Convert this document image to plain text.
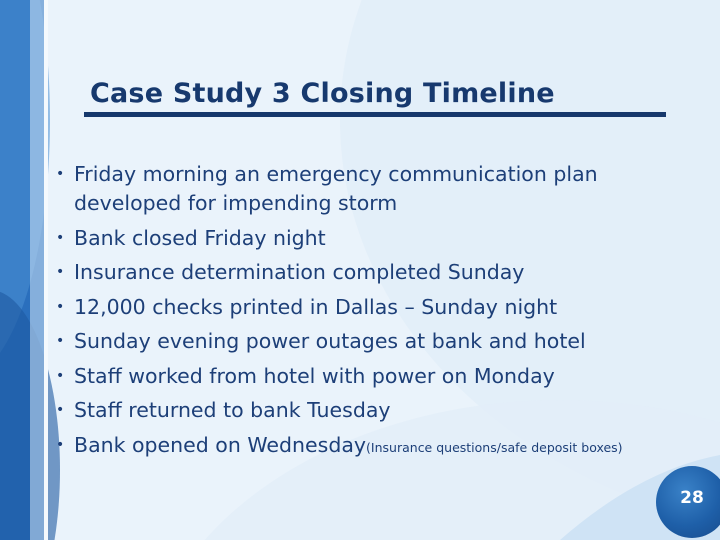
Case Study 3 Closing Timeline
• Friday morning an emergency communication plan
developed for impending storm
• Bank closed Friday night
• Insurance determination completed Sunday
• 12,000 checks printed in Dallas – Sunday night
• Sunday evening power outages at bank and hotel
• Staff worked from hotel with power on Monday
• Staff returned to bank Tuesday
• Bank opened on Wednesday(Insurance questions/safe deposit boxes)
28
